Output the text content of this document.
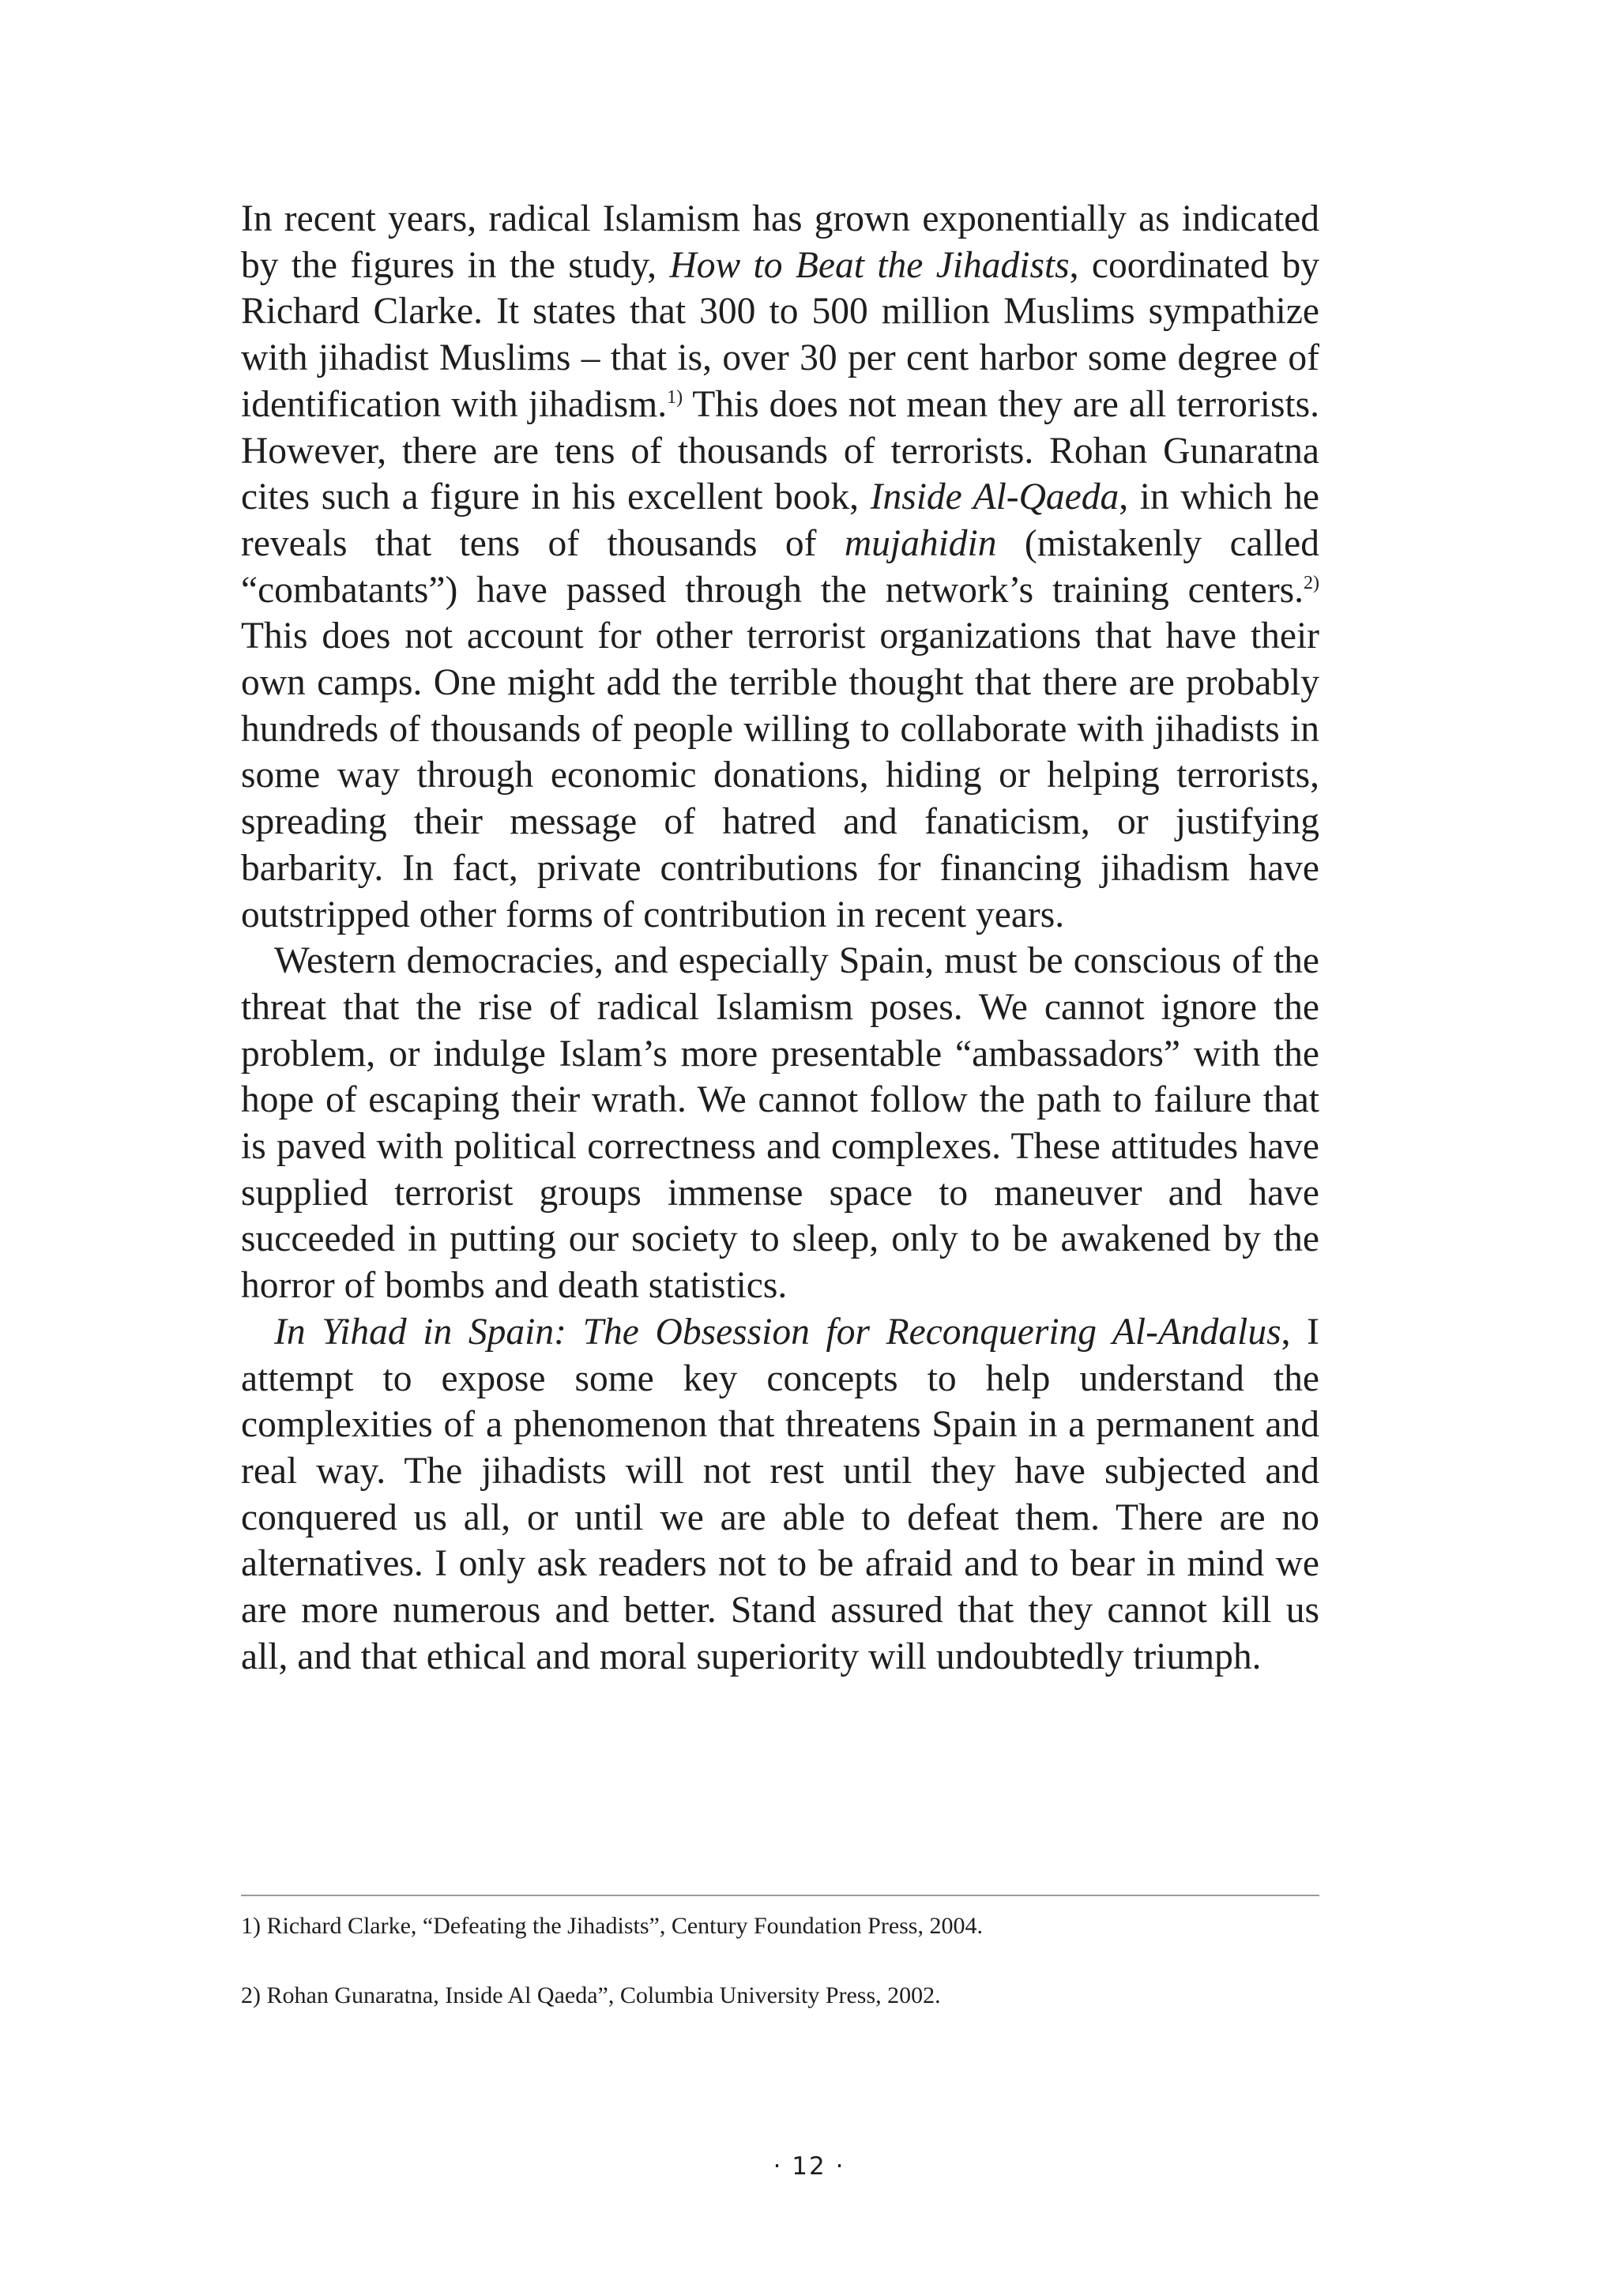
In recent years, radical Islamism has grown exponentially as indicated by the figures in the study, How to Beat the Jihadists, coordinated by Richard Clarke. It states that 300 to 500 million Muslims sympathize with jihadist Muslims – that is, over 30 per cent harbor some degree of identification with jihadism.$^{1)}$ This does not mean they are all terrorists. However, there are tens of thousands of terrorists. Rohan Gunaratna cites such a figure in his excellent book, Inside Al-Qaeda, in which he reveals that tens of thousands of mujahidin (mistakenly called “combatants”) have passed through the network’s training centers.$^{2)}$ This does not account for other terrorist organizations that have their own camps. One might add the terrible thought that there are probably hundreds of thousands of people willing to collaborate with jihadists in some way through economic donations, hiding or helping terrorists, spreading their message of hatred and fanaticism, or justifying barbarity. In fact, private contributions for financing jihadism have outstripped other forms of contribution in recent years.

Western democracies, and especially Spain, must be conscious of the threat that the rise of radical Islamism poses. We cannot ignore the problem, or indulge Islam’s more presentable “ambassadors” with the hope of escaping their wrath. We cannot follow the path to failure that is paved with political correctness and complexes. These attitudes have supplied terrorist groups immense space to maneuver and have succeeded in putting our society to sleep, only to be awakened by the horror of bombs and death statistics.

In Yihad in Spain: The Obsession for Reconquering Al-Andalus, I attempt to expose some key concepts to help understand the complexities of a phenomenon that threatens Spain in a permanent and real way. The jihadists will not rest until they have subjected and conquered us all, or until we are able to defeat them. There are no alternatives. I only ask readers not to be afraid and to bear in mind we are more numerous and better. Stand assured that they cannot kill us all, and that ethical and moral superiority will undoubtedly triumph.

1) Richard Clarke, “Defeating the Jihadists”, Century Foundation Press, 2004.

2) Rohan Gunaratna, Inside Al Qaeda”, Columbia University Press, 2002.

· 12 ·
